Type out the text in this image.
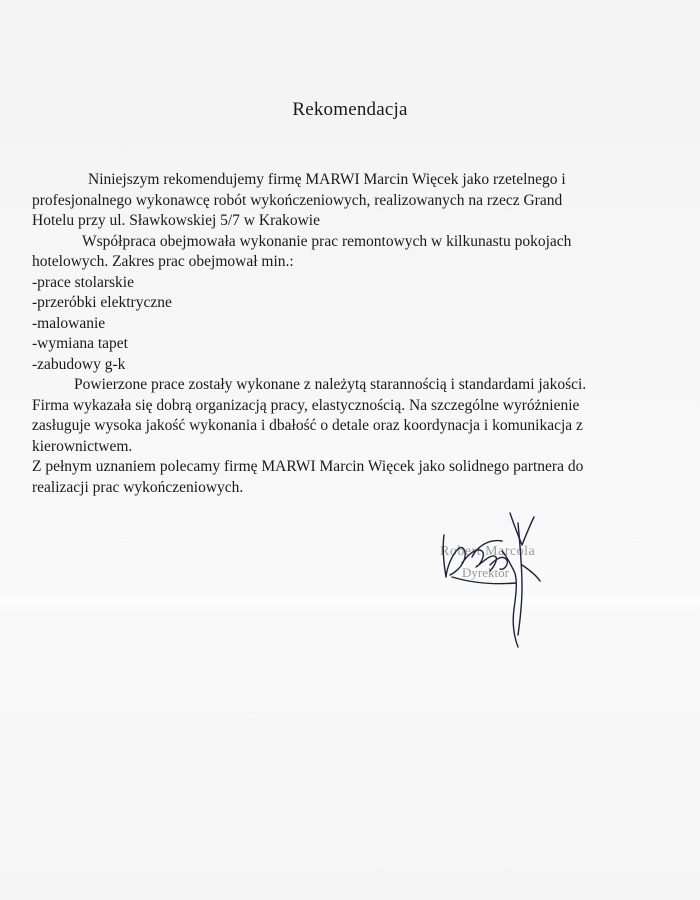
Rekomendacja
Niniejszym rekomendujemy firmę MARWI Marcin Więcek jako rzetelnego i
profesjonalnego wykonawcę robót wykończeniowych, realizowanych na rzecz Grand
Hotelu przy ul. Sławkowskiej 5/7 w Krakowie
Współpraca obejmowała wykonanie prac remontowych w kilkunastu pokojach
hotelowych. Zakres prac obejmował min.:
-prace stolarskie
-przeróbki elektryczne
-malowanie
-wymiana tapet
-zabudowy g-k
Powierzone prace zostały wykonane z należytą starannością i standardami jakości.
Firma wykazała się dobrą organizacją pracy, elastycznością. Na szczególne wyróżnienie
zasługuje wysoka jakość wykonania i dbałość o detale oraz koordynacja i komunikacja z
kierownictwem.
Z pełnym uznaniem polecamy firmę MARWI Marcin Więcek jako solidnego partnera do
realizacji prac wykończeniowych.
Robert Marcola
Dyrektor
